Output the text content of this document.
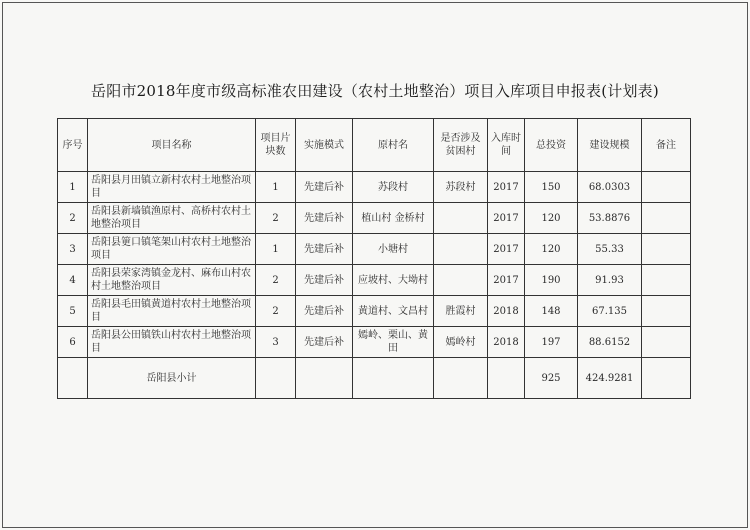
岳阳市2018年度市级高标准农田建设（农村土地整治）项目入库项目申报表(计划表)
序号	项目名称	项目片块数	实施模式	原村名	是否涉及贫困村	入库时间	总投资	建设规模	备注
1	岳阳县月田镇立新村农村土地整治项目	1	先建后补	苏段村	苏段村	2017	150	68.0303	
2	岳阳县新墙镇渔原村、高桥村农村土地整治项目	2	先建后补	植山村 金桥村		2017	120	53.8876	
3	岳阳县筻口镇笔架山村农村土地整治项目	1	先建后补	小塘村		2017	120	55.33	
4	岳阳县荣家湾镇金龙村、麻布山村农村土地整治项目	2	先建后补	应坡村、大坳村		2017	190	91.93	
5	岳阳县毛田镇黄道村农村土地整治项目	2	先建后补	黄道村、文昌村	胜霞村	2018	148	67.135	
6	岳阳县公田镇铁山村农村土地整治项目	3	先建后补	嫣岭、栗山、黄田	嫣岭村	2018	197	88.6152	
	岳阳县小计						925	424.9281	
